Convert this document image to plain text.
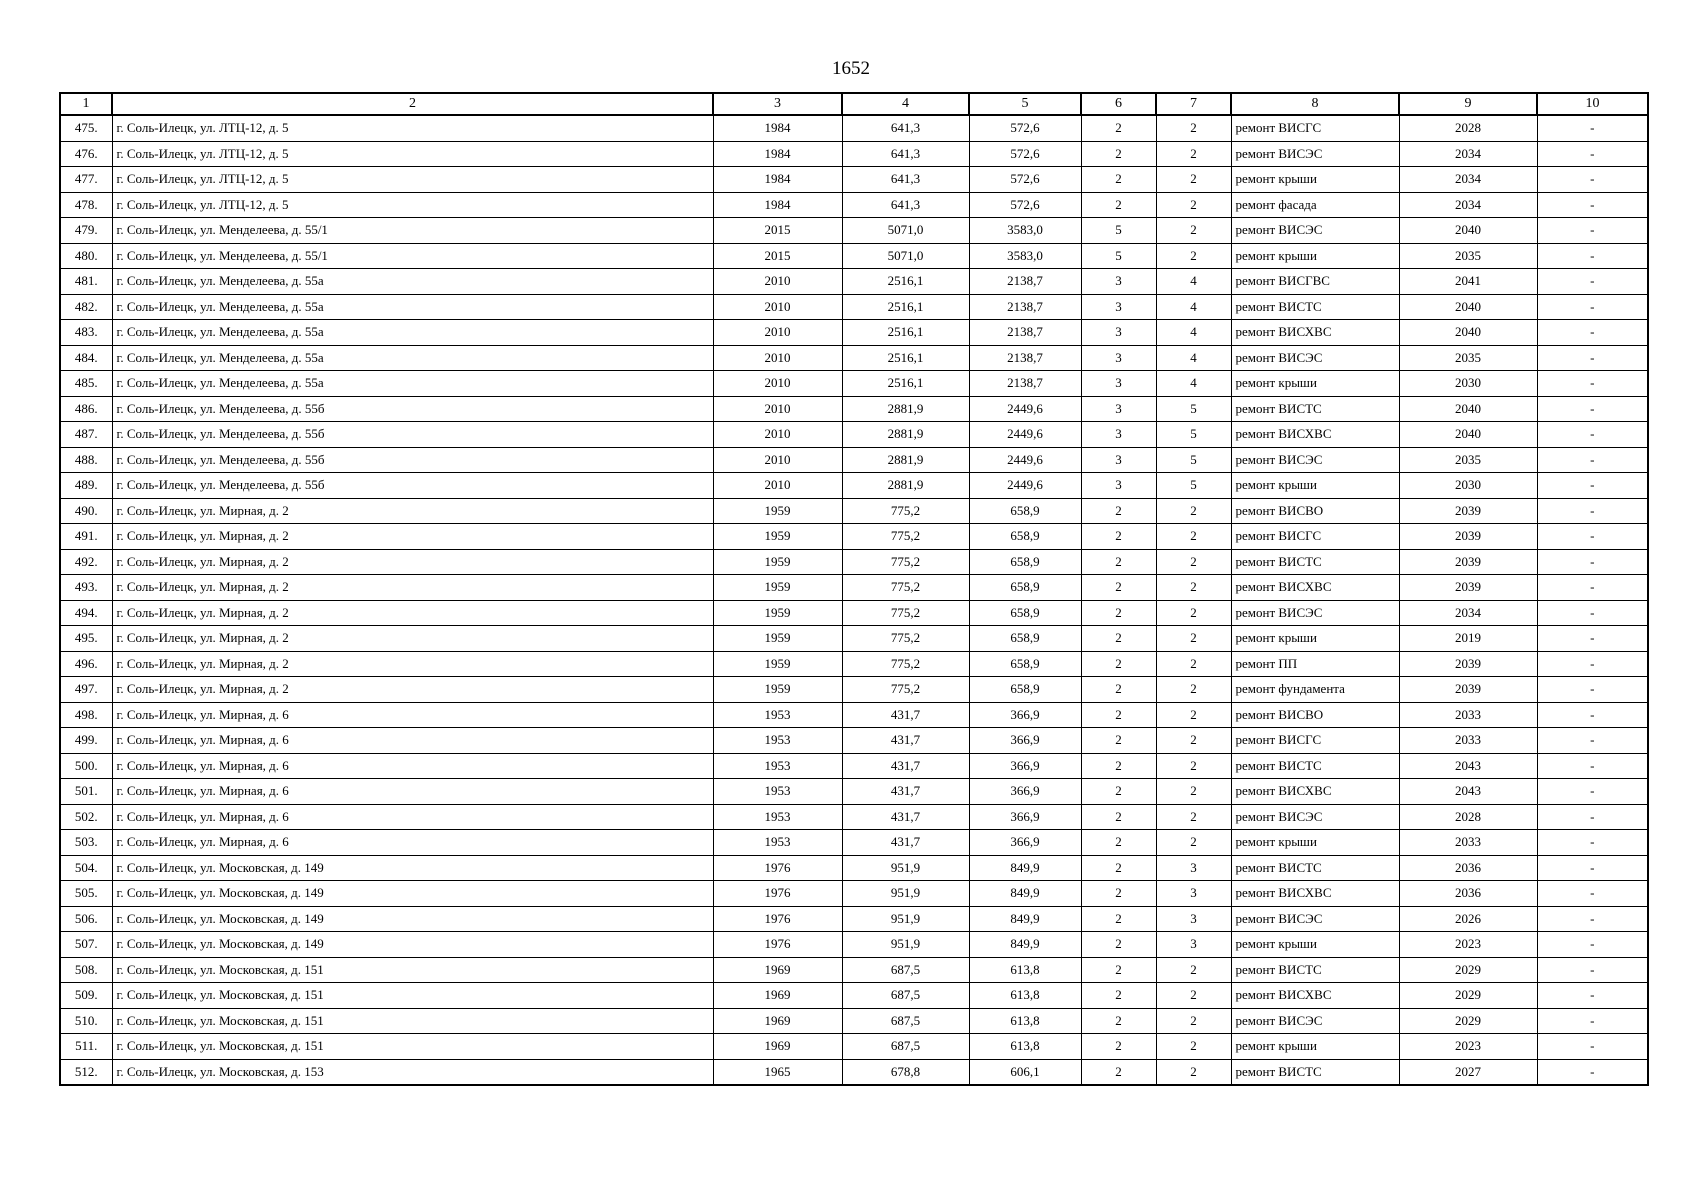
1652
1	2	3	4	5	6	7	8	9	10
475.	г. Соль-Илецк, ул. ЛТЦ-12, д. 5	1984	641,3	572,6	2	2	ремонт ВИСГС	2028	-
476.	г. Соль-Илецк, ул. ЛТЦ-12, д. 5	1984	641,3	572,6	2	2	ремонт ВИСЭС	2034	-
477.	г. Соль-Илецк, ул. ЛТЦ-12, д. 5	1984	641,3	572,6	2	2	ремонт крыши	2034	-
478.	г. Соль-Илецк, ул. ЛТЦ-12, д. 5	1984	641,3	572,6	2	2	ремонт фасада	2034	-
479.	г. Соль-Илецк, ул. Менделеева, д. 55/1	2015	5071,0	3583,0	5	2	ремонт ВИСЭС	2040	-
480.	г. Соль-Илецк, ул. Менделеева, д. 55/1	2015	5071,0	3583,0	5	2	ремонт крыши	2035	-
481.	г. Соль-Илецк, ул. Менделеева, д. 55а	2010	2516,1	2138,7	3	4	ремонт ВИСГВС	2041	-
482.	г. Соль-Илецк, ул. Менделеева, д. 55а	2010	2516,1	2138,7	3	4	ремонт ВИСТС	2040	-
483.	г. Соль-Илецк, ул. Менделеева, д. 55а	2010	2516,1	2138,7	3	4	ремонт ВИСХВС	2040	-
484.	г. Соль-Илецк, ул. Менделеева, д. 55а	2010	2516,1	2138,7	3	4	ремонт ВИСЭС	2035	-
485.	г. Соль-Илецк, ул. Менделеева, д. 55а	2010	2516,1	2138,7	3	4	ремонт крыши	2030	-
486.	г. Соль-Илецк, ул. Менделеева, д. 55б	2010	2881,9	2449,6	3	5	ремонт ВИСТС	2040	-
487.	г. Соль-Илецк, ул. Менделеева, д. 55б	2010	2881,9	2449,6	3	5	ремонт ВИСХВС	2040	-
488.	г. Соль-Илецк, ул. Менделеева, д. 55б	2010	2881,9	2449,6	3	5	ремонт ВИСЭС	2035	-
489.	г. Соль-Илецк, ул. Менделеева, д. 55б	2010	2881,9	2449,6	3	5	ремонт крыши	2030	-
490.	г. Соль-Илецк, ул. Мирная, д. 2	1959	775,2	658,9	2	2	ремонт ВИСВО	2039	-
491.	г. Соль-Илецк, ул. Мирная, д. 2	1959	775,2	658,9	2	2	ремонт ВИСГС	2039	-
492.	г. Соль-Илецк, ул. Мирная, д. 2	1959	775,2	658,9	2	2	ремонт ВИСТС	2039	-
493.	г. Соль-Илецк, ул. Мирная, д. 2	1959	775,2	658,9	2	2	ремонт ВИСХВС	2039	-
494.	г. Соль-Илецк, ул. Мирная, д. 2	1959	775,2	658,9	2	2	ремонт ВИСЭС	2034	-
495.	г. Соль-Илецк, ул. Мирная, д. 2	1959	775,2	658,9	2	2	ремонт крыши	2019	-
496.	г. Соль-Илецк, ул. Мирная, д. 2	1959	775,2	658,9	2	2	ремонт ПП	2039	-
497.	г. Соль-Илецк, ул. Мирная, д. 2	1959	775,2	658,9	2	2	ремонт фундамента	2039	-
498.	г. Соль-Илецк, ул. Мирная, д. 6	1953	431,7	366,9	2	2	ремонт ВИСВО	2033	-
499.	г. Соль-Илецк, ул. Мирная, д. 6	1953	431,7	366,9	2	2	ремонт ВИСГС	2033	-
500.	г. Соль-Илецк, ул. Мирная, д. 6	1953	431,7	366,9	2	2	ремонт ВИСТС	2043	-
501.	г. Соль-Илецк, ул. Мирная, д. 6	1953	431,7	366,9	2	2	ремонт ВИСХВС	2043	-
502.	г. Соль-Илецк, ул. Мирная, д. 6	1953	431,7	366,9	2	2	ремонт ВИСЭС	2028	-
503.	г. Соль-Илецк, ул. Мирная, д. 6	1953	431,7	366,9	2	2	ремонт крыши	2033	-
504.	г. Соль-Илецк, ул. Московская, д. 149	1976	951,9	849,9	2	3	ремонт ВИСТС	2036	-
505.	г. Соль-Илецк, ул. Московская, д. 149	1976	951,9	849,9	2	3	ремонт ВИСХВС	2036	-
506.	г. Соль-Илецк, ул. Московская, д. 149	1976	951,9	849,9	2	3	ремонт ВИСЭС	2026	-
507.	г. Соль-Илецк, ул. Московская, д. 149	1976	951,9	849,9	2	3	ремонт крыши	2023	-
508.	г. Соль-Илецк, ул. Московская, д. 151	1969	687,5	613,8	2	2	ремонт ВИСТС	2029	-
509.	г. Соль-Илецк, ул. Московская, д. 151	1969	687,5	613,8	2	2	ремонт ВИСХВС	2029	-
510.	г. Соль-Илецк, ул. Московская, д. 151	1969	687,5	613,8	2	2	ремонт ВИСЭС	2029	-
511.	г. Соль-Илецк, ул. Московская, д. 151	1969	687,5	613,8	2	2	ремонт крыши	2023	-
512.	г. Соль-Илецк, ул. Московская, д. 153	1965	678,8	606,1	2	2	ремонт ВИСТС	2027	-
